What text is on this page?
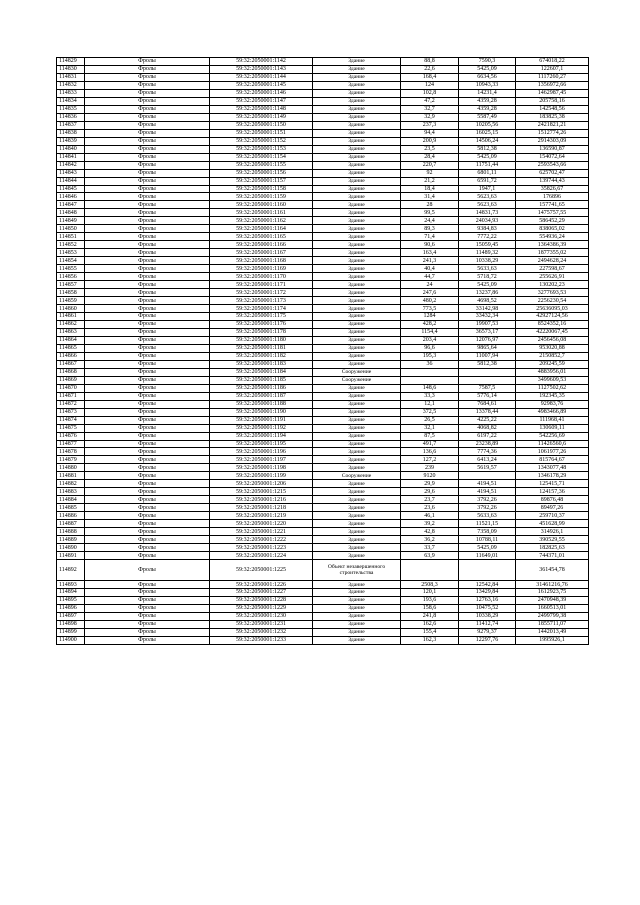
114829	Фролы	59:32:2050001:1142	Здание	88,8	7590,3	674018,22
114830	Фролы	59:32:2050001:1143	Здание	22,6	5425,09	122607,1
114831	Фролы	59:32:2050001:1144	Здание	168,4	6634,56	1117260,27
114832	Фролы	59:32:2050001:1145	Здание	124	10943,33	1356972,66
114833	Фролы	59:32:2050001:1146	Здание	102,8	14231,4	1462987,45
114834	Фролы	59:32:2050001:1147	Здание	47,2	4359,28	205758,16
114835	Фролы	59:32:2050001:1148	Здание	32,7	4359,28	142548,56
114836	Фролы	59:32:2050001:1149	Здание	32,9	5587,49	183825,38
114837	Фролы	59:32:2050001:1150	Здание	237,3	10205,56	2421821,21
114838	Фролы	59:32:2050001:1151	Здание	94,4	16025,15	1512774,26
114839	Фролы	59:32:2050001:1152	Здание	200,9	14506,24	2914303,09
114840	Фролы	59:32:2050001:1153	Здание	23,5	5812,38	136590,87
114841	Фролы	59:32:2050001:1154	Здание	28,4	5425,09	154072,64
114842	Фролы	59:32:2050001:1155	Здание	220,7	11751,44	2593543,66
114843	Фролы	59:32:2050001:1156	Здание	92	6801,11	625702,47
114844	Фролы	59:32:2050001:1157	Здание	21,2	6591,72	139744,43
114845	Фролы	59:32:2050001:1158	Здание	18,4	1947,1	35826,67
114846	Фролы	59:32:2050001:1159	Здание	31,4	5623,63	176896
114847	Фролы	59:32:2050001:1160	Здание	28	5623,63	157741,65
114848	Фролы	59:32:2050001:1161	Здание	99,5	14831,73	1475757,55
114849	Фролы	59:32:2050001:1162	Здание	24,4	24034,93	586452,29
114850	Фролы	59:32:2050001:1164	Здание	89,3	9384,83	838065,02
114851	Фролы	59:32:2050001:1165	Здание	71,4	7772,22	554936,24
114852	Фролы	59:32:2050001:1166	Здание	90,6	15059,45	1364386,39
114853	Фролы	59:32:2050001:1167	Здание	163,4	11489,32	1877355,02
114854	Фролы	59:32:2050001:1168	Здание	241,3	10338,29	2494628,24
114855	Фролы	59:32:2050001:1169	Здание	40,4	5633,63	227598,67
114856	Фролы	59:32:2050001:1170	Здание	44,7	5718,72	255626,91
114857	Фролы	59:32:2050001:1171	Здание	24	5425,09	130202,23
114858	Фролы	59:32:2050001:1172	Здание	247,6	13237,86	3277693,53
114859	Фролы	59:32:2050001:1173	Здание	480,2	4698,52	2256230,54
114860	Фролы	59:32:2050001:1174	Здание	773,5	33142,98	25636095,03
114861	Фролы	59:32:2050001:1175	Здание	1284	33432,34	42927124,56
114862	Фролы	59:32:2050001:1176	Здание	428,2	19907,53	8524352,16
114863	Фролы	59:32:2050001:1178	Здание	1154,4	36573,17	42220067,45
114864	Фролы	59:32:2050001:1180	Здание	203,4	12076,97	2456456,08
114865	Фролы	59:32:2050001:1181	Здание	96,6	9865,64	953020,88
114866	Фролы	59:32:2050001:1182	Здание	195,3	11007,94	2150852,7
114867	Фролы	59:32:2050001:1183	Здание	36	5812,38	209245,59
114868	Фролы	59:32:2050001:1184	Сооружение			4883956,01
114869	Фролы	59:32:2050001:1185	Сооружение			3499609,53
114870	Фролы	59:32:2050001:1186	Здание	148,6	7587,5	1127502,62
114871	Фролы	59:32:2050001:1187	Здание	33,3	5776,14	192345,35
114872	Фролы	59:32:2050001:1188	Здание	12,1	7684,61	92983,76
114873	Фролы	59:32:2050001:1190	Здание	372,5	13378,44	4983466,89
114874	Фролы	59:32:2050001:1191	Здание	26,5	4225,22	111968,41
114875	Фролы	59:32:2050001:1192	Здание	32,1	4068,82	130609,11
114876	Фролы	59:32:2050001:1194	Здание	87,5	6197,22	542256,69
114877	Фролы	59:32:2050001:1195	Здание	491,7	23238,89	11426560,6
114878	Фролы	59:32:2050001:1196	Здание	136,6	7774,36	1061977,26
114879	Фролы	59:32:2050001:1197	Здание	127,2	6413,24	815764,67
114880	Фролы	59:32:2050001:1198	Здание	239	5619,57	1343077,48
114881	Фролы	59:32:2050001:1199	Сооружение	9120		1346178,29
114882	Фролы	59:32:2050001:1206	Здание	29,9	4194,51	125415,71
114883	Фролы	59:32:2050001:1215	Здание	29,6	4194,51	124157,36
114884	Фролы	59:32:2050001:1216	Здание	23,7	3792,26	89876,48
114885	Фролы	59:32:2050001:1218	Здание	23,6	3792,26	89497,26
114886	Фролы	59:32:2050001:1219	Здание	46,1	5633,63	259710,37
114887	Фролы	59:32:2050001:1220	Здание	39,2	11521,15	451628,99
114888	Фролы	59:32:2050001:1221	Здание	42,8	7358,09	314926,1
114889	Фролы	59:32:2050001:1222	Здание	36,2	10788,11	390529,55
114890	Фролы	59:32:2050001:1223	Здание	33,7	5425,09	182825,63
114891	Фролы	59:32:2050001:1224	Здание	63,9	11649,01	744371,01
114892	Фролы	59:32:2050001:1225	Объект незавершенного строительства			361454,78
114893	Фролы	59:32:2050001:1226	Здание	2508,3	12542,84	31461216,76
114894	Фролы	59:32:2050001:1227	Здание	120,1	13429,84	1612923,75
114895	Фролы	59:32:2050001:1228	Здание	193,6	12763,16	2470948,39
114896	Фролы	59:32:2050001:1229	Здание	158,6	10475,52	1660513,01
114897	Фролы	59:32:2050001:1230	Здание	241,8	10338,29	2499799,38
114898	Фролы	59:32:2050001:1231	Здание	162,6	11412,74	1855711,07
114899	Фролы	59:32:2050001:1232	Здание	155,4	9279,37	1442013,49
114900	Фролы	59:32:2050001:1233	Здание	162,3	12297,76	1995926,1
